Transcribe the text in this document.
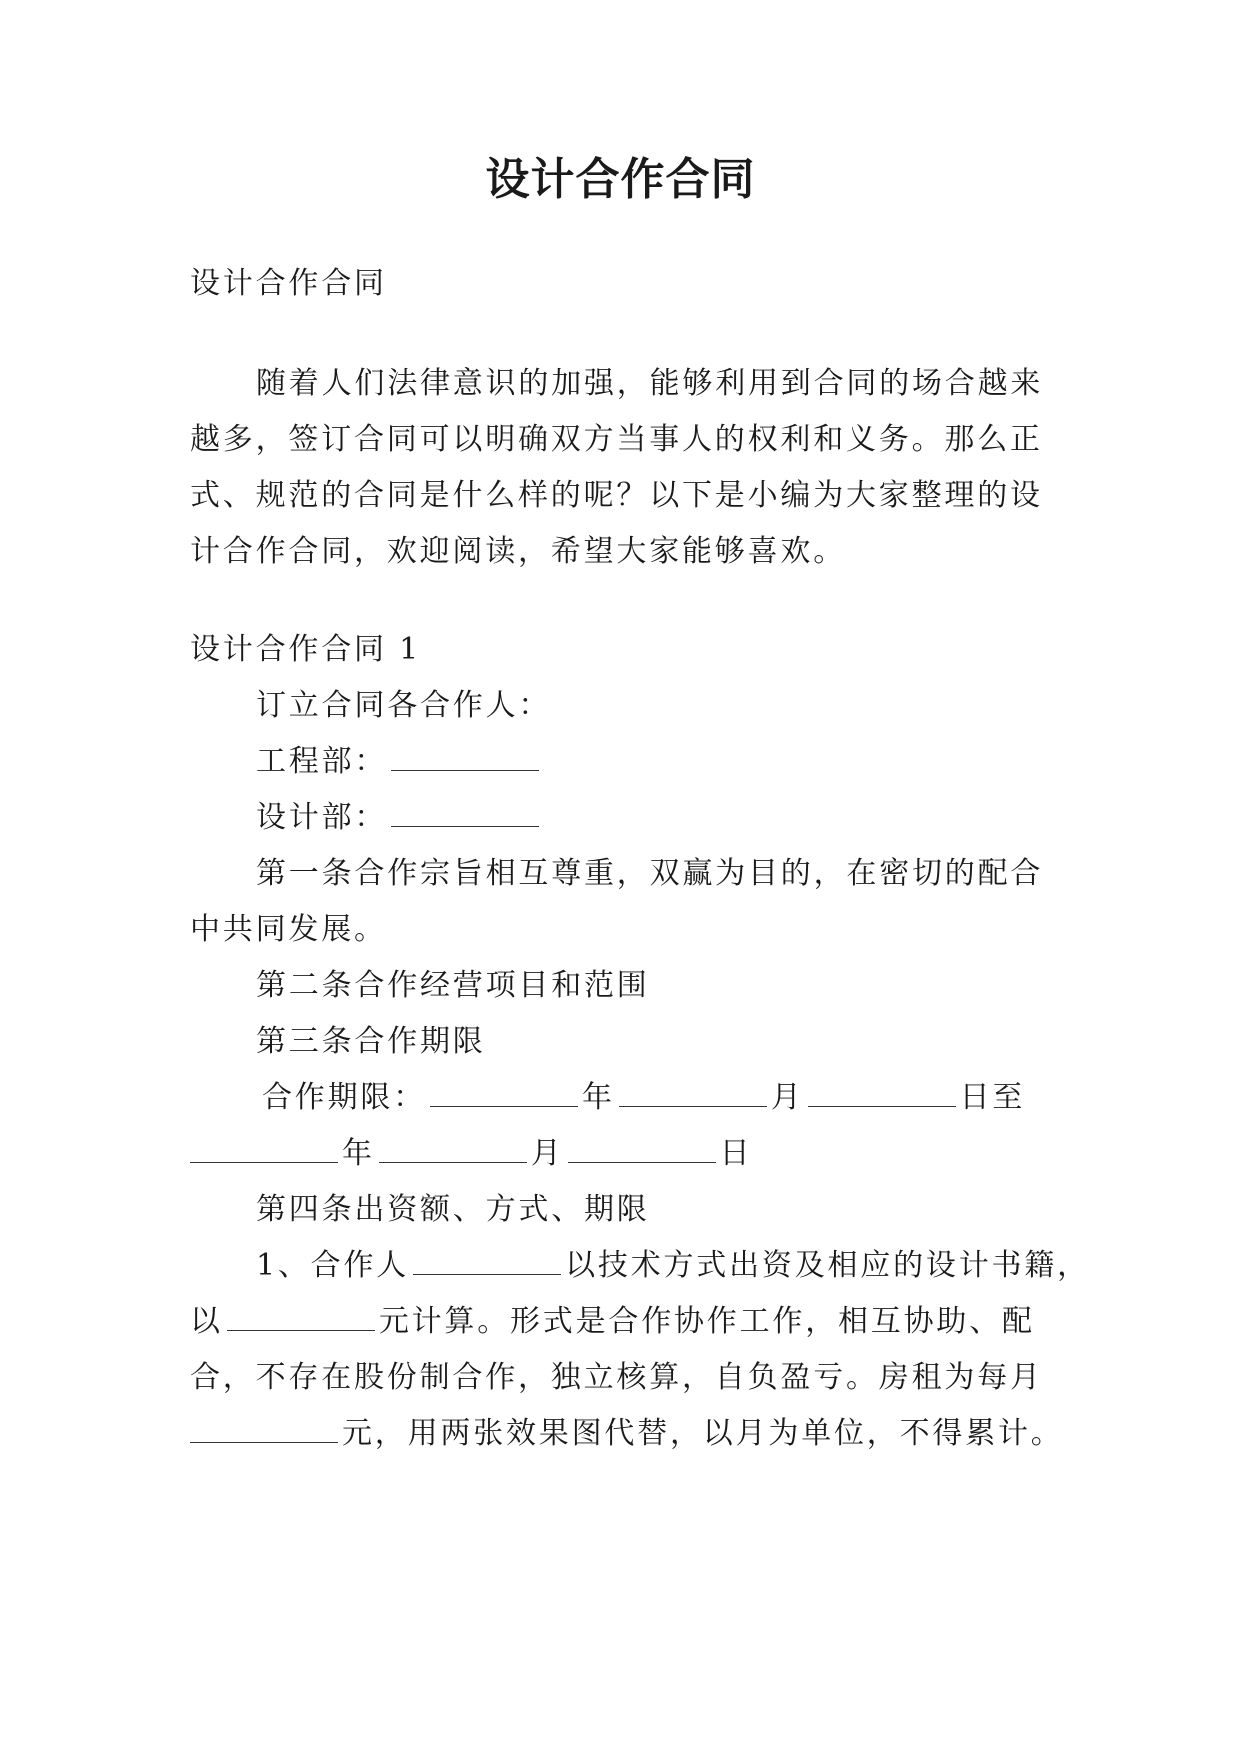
设计合作合同
设计合作合同
随着人们法律意识的加强，能够利用到合同的场合越来
越多，签订合同可以明确双方当事人的权利和义务。那么正
式、规范的合同是什么样的呢？以下是小编为大家整理的设
计合作合同，欢迎阅读，希望大家能够喜欢。
设计合作合同 1
订立合同各合作人：
工程部：
设计部：
第一条合作宗旨相互尊重，双赢为目的，在密切的配合
中共同发展。
第二条合作经营项目和范围
第三条合作期限
合作期限：	年	月	日至
年	月	日
第四条出资额、方式、期限
1、合作人	以技术方式出资及相应的设计书籍，
以	元计算。形式是合作协作工作，相互协助、配
合，不存在股份制合作，独立核算，自负盈亏。房租为每月
元，用两张效果图代替，以月为单位，不得累计。
